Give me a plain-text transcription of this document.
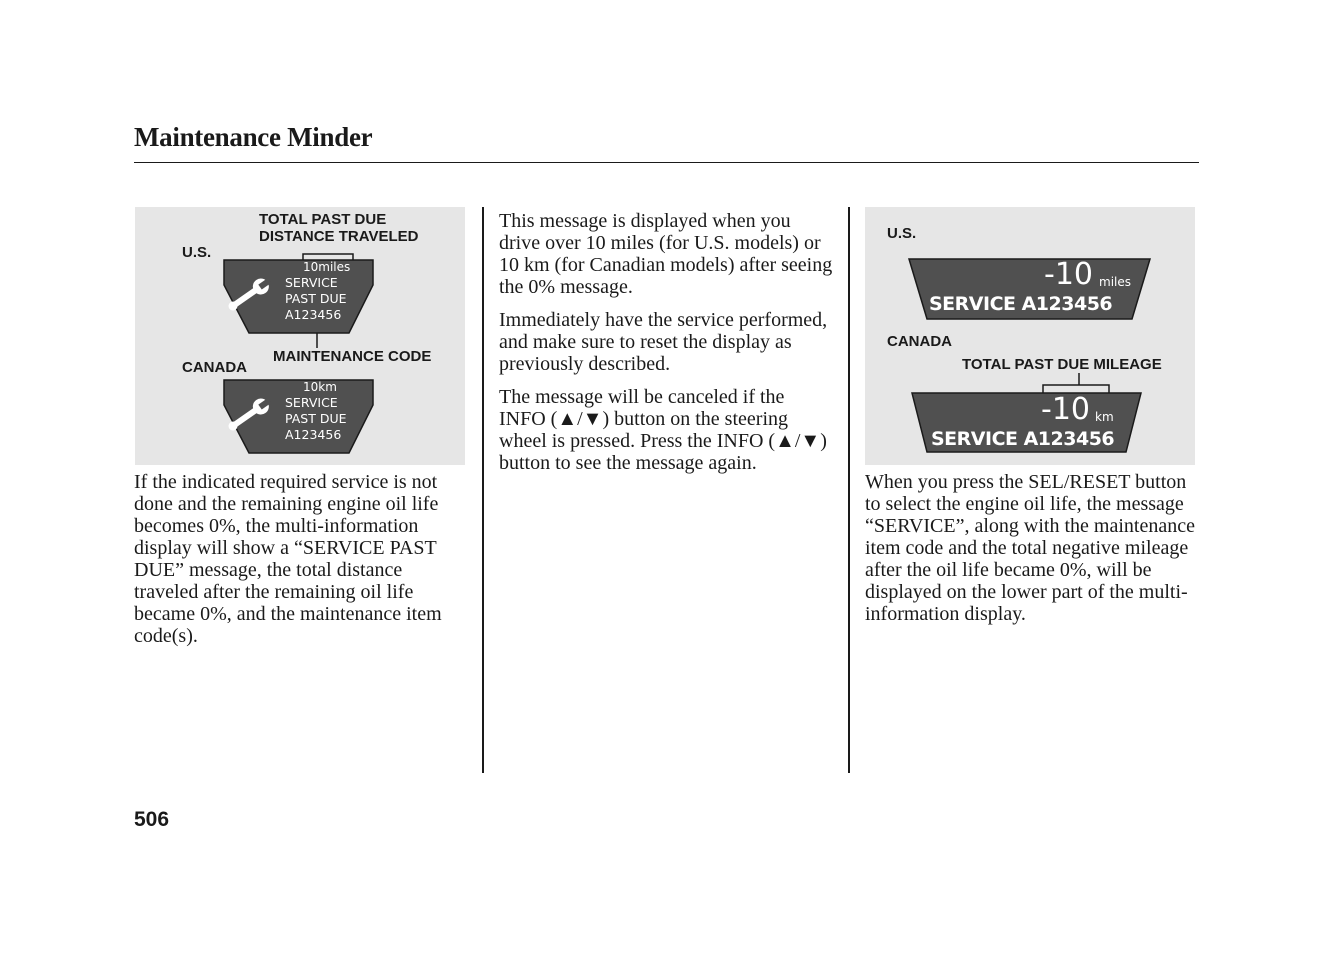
Maintenance Minder
TOTAL PAST DUE
DISTANCE TRAVELED
U.S.
MAINTENANCE CODE
CANADA
10miles
SERVICE
PAST DUE
A123456
10km
SERVICE
PAST DUE
A123456

If the indicated required service is not done and the remaining engine oil life becomes 0%, the multi-information display will show a “SERVICE PAST DUE” message, the total distance traveled after the remaining oil life became 0%, and the maintenance item code(s).

This message is displayed when you drive over 10 miles (for U.S. models) or 10 km (for Canadian models) after seeing the 0% message.

Immediately have the service performed, and make sure to reset the display as previously described.

The message will be canceled if the INFO (▲/▼) button on the steering wheel is pressed. Press the INFO (▲/▼) button to see the message again.

U.S.
CANADA
TOTAL PAST DUE MILEAGE
-10 miles
SERVICE A123456
-10 km
SERVICE A123456

When you press the SEL/RESET button to select the engine oil life, the message “SERVICE”, along with the maintenance item code and the total negative mileage after the oil life became 0%, will be displayed on the lower part of the multi-information display.

506
